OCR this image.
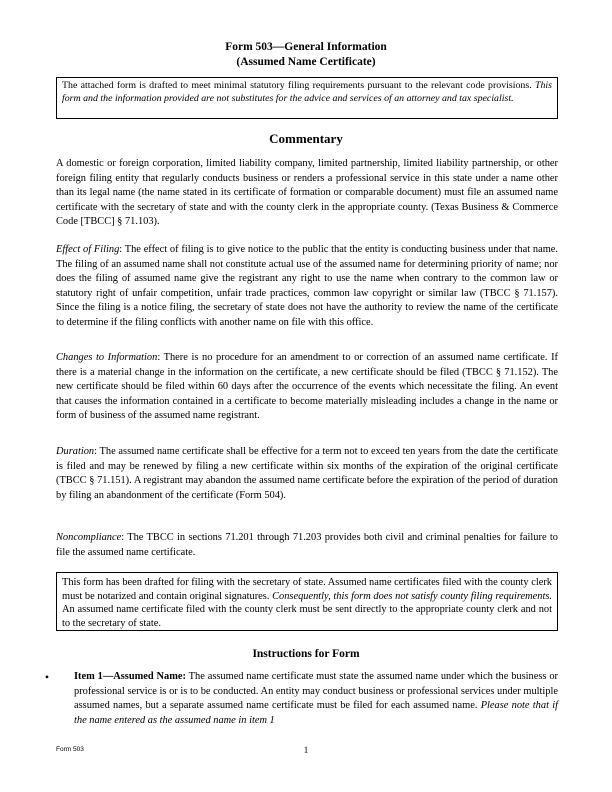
Form 503—General Information
(Assumed Name Certificate)

The attached form is drafted to meet minimal statutory filing requirements pursuant to the relevant code provisions. This form and the information provided are not substitutes for the advice and services of an attorney and tax specialist.

Commentary

A domestic or foreign corporation, limited liability company, limited partnership, limited liability partnership, or other foreign filing entity that regularly conducts business or renders a professional service in this state under a name other than its legal name (the name stated in its certificate of formation or comparable document) must file an assumed name certificate with the secretary of state and with the county clerk in the appropriate county. (Texas Business & Commerce Code [TBCC] § 71.103).

Effect of Filing: The effect of filing is to give notice to the public that the entity is conducting business under that name. The filing of an assumed name shall not constitute actual use of the assumed name for determining priority of name; nor does the filing of assumed name give the registrant any right to use the name when contrary to the common law or statutory right of unfair competition, unfair trade practices, common law copyright or similar law (TBCC § 71.157). Since the filing is a notice filing, the secretary of state does not have the authority to review the name of the certificate to determine if the filing conflicts with another name on file with this office.

Changes to Information: There is no procedure for an amendment to or correction of an assumed name certificate. If there is a material change in the information on the certificate, a new certificate should be filed (TBCC § 71.152). The new certificate should be filed within 60 days after the occurrence of the events which necessitate the filing. An event that causes the information contained in a certificate to become materially misleading includes a change in the name or form of business of the assumed name registrant.

Duration: The assumed name certificate shall be effective for a term not to exceed ten years from the date the certificate is filed and may be renewed by filing a new certificate within six months of the expiration of the original certificate (TBCC § 71.151). A registrant may abandon the assumed name certificate before the expiration of the period of duration by filing an abandonment of the certificate (Form 504).

Noncompliance: The TBCC in sections 71.201 through 71.203 provides both civil and criminal penalties for failure to file the assumed name certificate.

This form has been drafted for filing with the secretary of state. Assumed name certificates filed with the county clerk must be notarized and contain original signatures. Consequently, this form does not satisfy county filing requirements. An assumed name certificate filed with the county clerk must be sent directly to the appropriate county clerk and not to the secretary of state.

Instructions for Form
•	Item 1—Assumed Name: The assumed name certificate must state the assumed name under which the business or professional service is or is to be conducted. An entity may conduct business or professional services under multiple assumed names, but a separate assumed name certificate must be filed for each assumed name. Please note that if the name entered as the assumed name in item 1

Form 503	1
